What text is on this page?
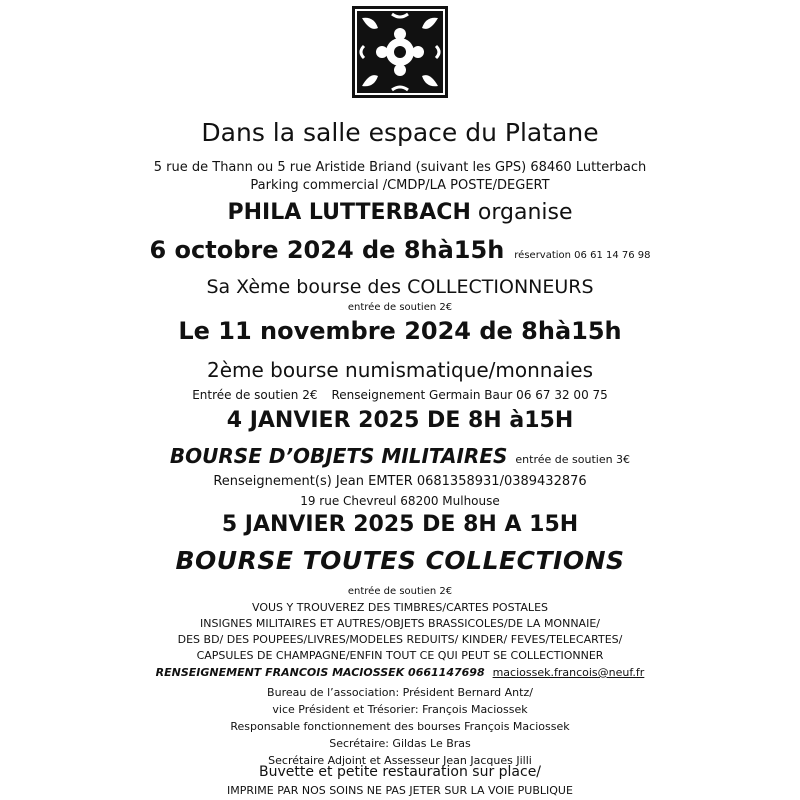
Dans la salle espace du Platane
5 rue de Thann ou 5 rue Aristide Briand (suivant les GPS) 68460 Lutterbach
Parking commercial /CMDP/LA POSTE/DEGERT
PHILA LUTTERBACH organise
6 octobre 2024 de 8hà15h réservation 06 61 14 76 98
Sa Xème bourse des COLLECTIONNEURS
entrée de soutien 2€
Le 11 novembre 2024 de 8hà15h
2ème bourse numismatique/monnaies
Entrée de soutien 2€ Renseignement Germain Baur 06 67 32 00 75
4 JANVIER 2025 DE 8H à15H
BOURSE D’OBJETS MILITAIRES entrée de soutien 3€
Renseignement(s) Jean EMTER 0681358931/0389432876
19 rue Chevreul 68200 Mulhouse
5 JANVIER 2025 DE 8H A 15H
BOURSE TOUTES COLLECTIONS
entrée de soutien 2€
VOUS Y TROUVEREZ DES TIMBRES/CARTES POSTALES
INSIGNES MILITAIRES ET AUTRES/OBJETS BRASSICOLES/DE LA MONNAIE/
DES BD/ DES POUPEES/LIVRES/MODELES REDUITS/ KINDER/ FEVES/TELECARTES/
CAPSULES DE CHAMPAGNE/ENFIN TOUT CE QUI PEUT SE COLLECTIONNER
RENSEIGNEMENT FRANCOIS MACIOSSEK 0661147698 maciossek.francois@neuf.fr
Bureau de l’association: Président Bernard Antz/
vice Président et Trésorier: François Maciossek
Responsable fonctionnement des bourses François Maciossek
Secrétaire: Gildas Le Bras
Secrétaire Adjoint et Assesseur Jean Jacques Jilli
Buvette et petite restauration sur place/
IMPRIME PAR NOS SOINS NE PAS JETER SUR LA VOIE PUBLIQUE
